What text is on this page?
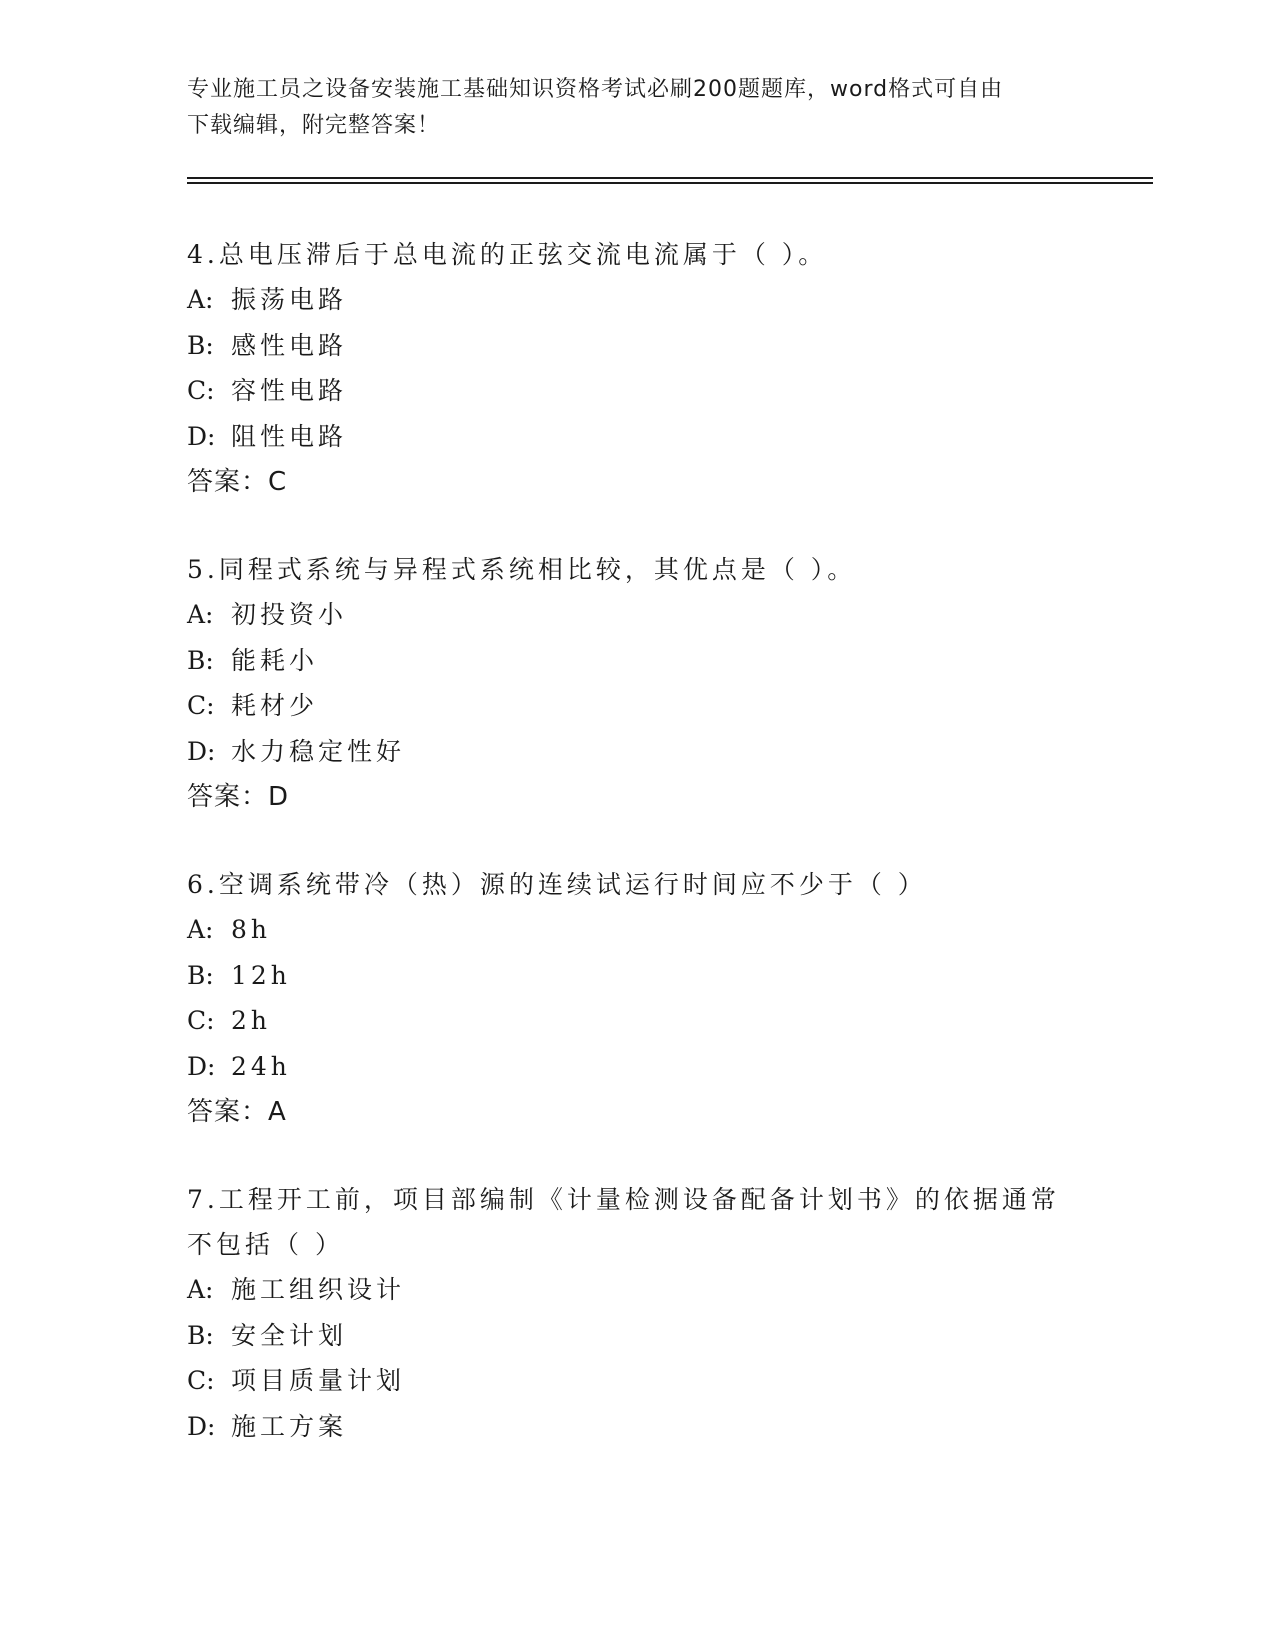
专业施工员之设备安装施工基础知识资格考试必刷200题题库，word格式可自由
下载编辑，附完整答案！
4.总电压滞后于总电流的正弦交流电流属于（ ）。
A: 振荡电路
B: 感性电路
C: 容性电路
D: 阻性电路
答案：C
5.同程式系统与异程式系统相比较，其优点是（ ）。
A: 初投资小
B: 能耗小
C: 耗材少
D: 水力稳定性好
答案：D
6.空调系统带冷（热）源的连续试运行时间应不少于（ ）
A: 8h
B: 12h
C: 2h
D: 24h
答案：A
7.工程开工前，项目部编制《计量检测设备配备计划书》的依据通常不包括（ ）
A: 施工组织设计
B: 安全计划
C: 项目质量计划
D: 施工方案
